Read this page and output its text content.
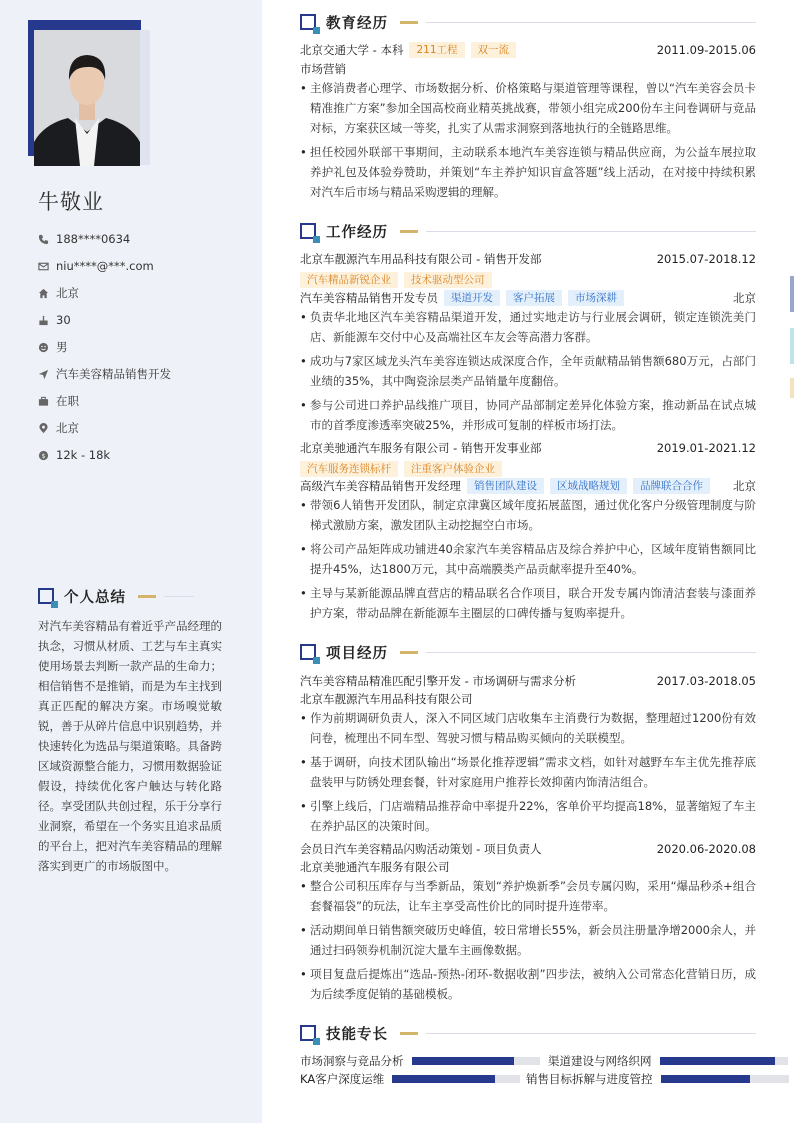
牛敬业
188****0634
niu****@***.com
北京
30
男
汽车美容精品销售开发
在职
北京
$ 12k - 18k
个人总结
对汽车美容精品有着近乎产品经理的执念，习惯从材质、工艺与车主真实使用场景去判断一款产品的生命力；相信销售不是推销，而是为车主找到真正匹配的解决方案。市场嗅觉敏锐，善于从碎片信息中识别趋势，并快速转化为选品与渠道策略。具备跨区域资源整合能力，习惯用数据验证假设，持续优化客户触达与转化路径。享受团队共创过程，乐于分享行业洞察，希望在一个务实且追求品质的平台上，把对汽车美容精品的理解落实到更广的市场版图中。
教育经历
北京交通大学 - 本科	211工程	双一流	2011.09-2015.06
市场营销
• 主修消费者心理学、市场数据分析、价格策略与渠道管理等课程，曾以“汽车美容会员卡精准推广方案”参加全国高校商业精英挑战赛，带领小组完成200份车主问卷调研与竞品对标，方案获区域一等奖，扎实了从需求洞察到落地执行的全链路思维。
• 担任校园外联部干事期间，主动联系本地汽车美容连锁与精品供应商，为公益车展拉取养护礼包及体验券赞助，并策划“车主养护知识盲盒答题”线上活动，在对接中持续积累对汽车后市场与精品采购逻辑的理解。
工作经历
北京车靓源汽车用品科技有限公司 - 销售开发部	2015.07-2018.12
汽车精品新锐企业	技术驱动型公司
汽车美容精品销售开发专员	渠道开发	客户拓展	市场深耕	北京
• 负责华北地区汽车美容精品渠道开发，通过实地走访与行业展会调研，锁定连锁洗美门店、新能源车交付中心及高端社区车友会等高潜力客群。
• 成功与7家区域龙头汽车美容连锁达成深度合作，全年贡献精品销售额680万元，占部门业绩的35%，其中陶瓷涂层类产品销量年度翻倍。
• 参与公司进口养护品线推广项目，协同产品部制定差异化体验方案，推动新品在试点城市的首季度渗透率突破25%，并形成可复制的样板市场打法。
北京美驰通汽车服务有限公司 - 销售开发事业部	2019.01-2021.12
汽车服务连锁标杆	注重客户体验企业
高级汽车美容精品销售开发经理	销售团队建设	区域战略规划	品牌联合合作	北京
• 带领6人销售开发团队，制定京津冀区域年度拓展蓝图，通过优化客户分级管理制度与阶梯式激励方案，激发团队主动挖掘空白市场。
• 将公司产品矩阵成功铺进40余家汽车美容精品店及综合养护中心，区域年度销售额同比提升45%，达1800万元，其中高端膜类产品贡献率提升至40%。
• 主导与某新能源品牌直营店的精品联名合作项目，联合开发专属内饰清洁套装与漆面养护方案，带动品牌在新能源车主圈层的口碑传播与复购率提升。
项目经历
汽车美容精品精准匹配引擎开发 - 市场调研与需求分析	2017.03-2018.05
北京车靓源汽车用品科技有限公司
• 作为前期调研负责人，深入不同区域门店收集车主消费行为数据，整理超过1200份有效问卷，梳理出不同车型、驾驶习惯与精品购买倾向的关联模型。
• 基于调研，向技术团队输出“场景化推荐逻辑”需求文档，如针对越野车车主优先推荐底盘装甲与防锈处理套餐，针对家庭用户推荐长效抑菌内饰清洁组合。
• 引擎上线后，门店端精品推荐命中率提升22%，客单价平均提高18%，显著缩短了车主在养护品区的决策时间。
会员日汽车美容精品闪购活动策划 - 项目负责人	2020.06-2020.08
北京美驰通汽车服务有限公司
• 整合公司积压库存与当季新品，策划“养护焕新季”会员专属闪购，采用“爆品秒杀+组合套餐福袋”的玩法，让车主享受高性价比的同时提升连带率。
• 活动期间单日销售额突破历史峰值，较日常增长55%，新会员注册量净增2000余人，并通过扫码领券机制沉淀大量车主画像数据。
• 项目复盘后提炼出“选品-预热-闭环-数据收割”四步法，被纳入公司常态化营销日历，成为后续季度促销的基础模板。
技能专长
市场洞察与竞品分析	渠道建设与网络织网
KA客户深度运维	销售目标拆解与进度管控
